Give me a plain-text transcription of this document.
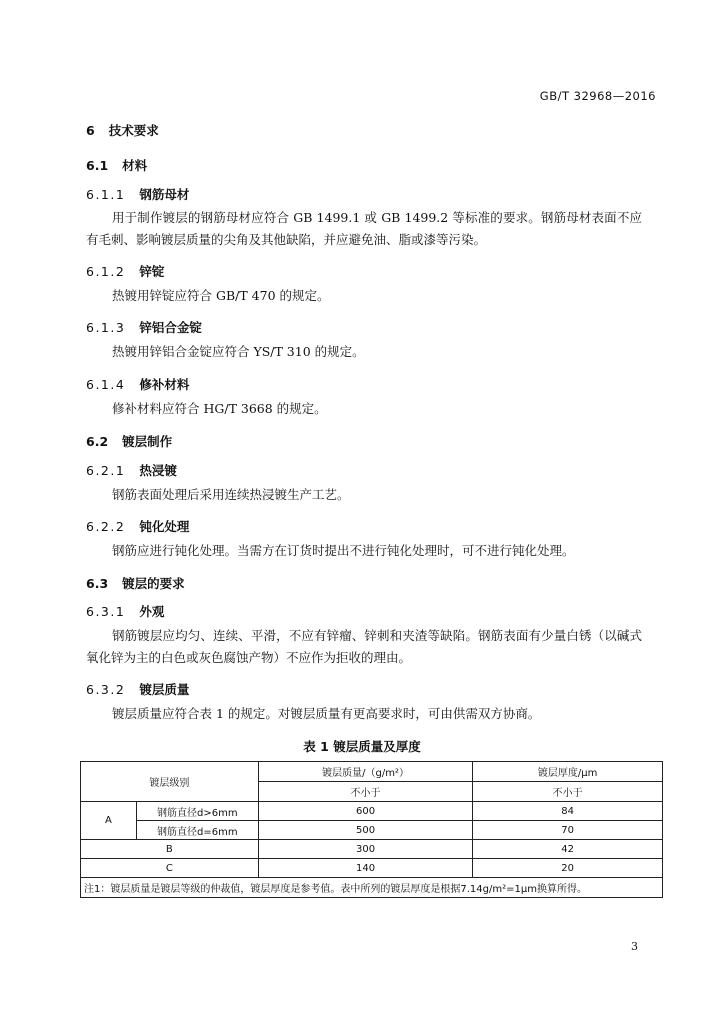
GB/T 32968—2016
6 技术要求
6.1 材料
6.1.1 钢筋母材
用于制作镀层的钢筋母材应符合 GB 1499.1 或 GB 1499.2 等标准的要求。钢筋母材表面不应有毛刺、影响镀层质量的尖角及其他缺陷，并应避免油、脂或漆等污染。
6.1.2 锌锭
热镀用锌锭应符合 GB/T 470 的规定。
6.1.3 锌铝合金锭
热镀用锌铝合金锭应符合 YS/T 310 的规定。
6.1.4 修补材料
修补材料应符合 HG/T 3668 的规定。
6.2 镀层制作
6.2.1 热浸镀
钢筋表面处理后采用连续热浸镀生产工艺。
6.2.2 钝化处理
钢筋应进行钝化处理。当需方在订货时提出不进行钝化处理时，可不进行钝化处理。
6.3 镀层的要求
6.3.1 外观
钢筋镀层应均匀、连续、平滑，不应有锌瘤、锌刺和夹渣等缺陷。钢筋表面有少量白锈（以碱式氧化锌为主的白色或灰色腐蚀产物）不应作为拒收的理由。
6.3.2 镀层质量
镀层质量应符合表 1 的规定。对镀层质量有更高要求时，可由供需双方协商。
表 1 镀层质量及厚度
镀层级别		镀层质量/（g/m²）	镀层厚度/μm
		不小于	不小于
A	钢筋直径d>6mm	600	84
	钢筋直径d=6mm	500	70
B		300	42
C		140	20
注1：镀层质量是镀层等级的仲裁值，镀层厚度是参考值。表中所列的镀层厚度是根据7.14g/m²=1μm换算所得。			
3
